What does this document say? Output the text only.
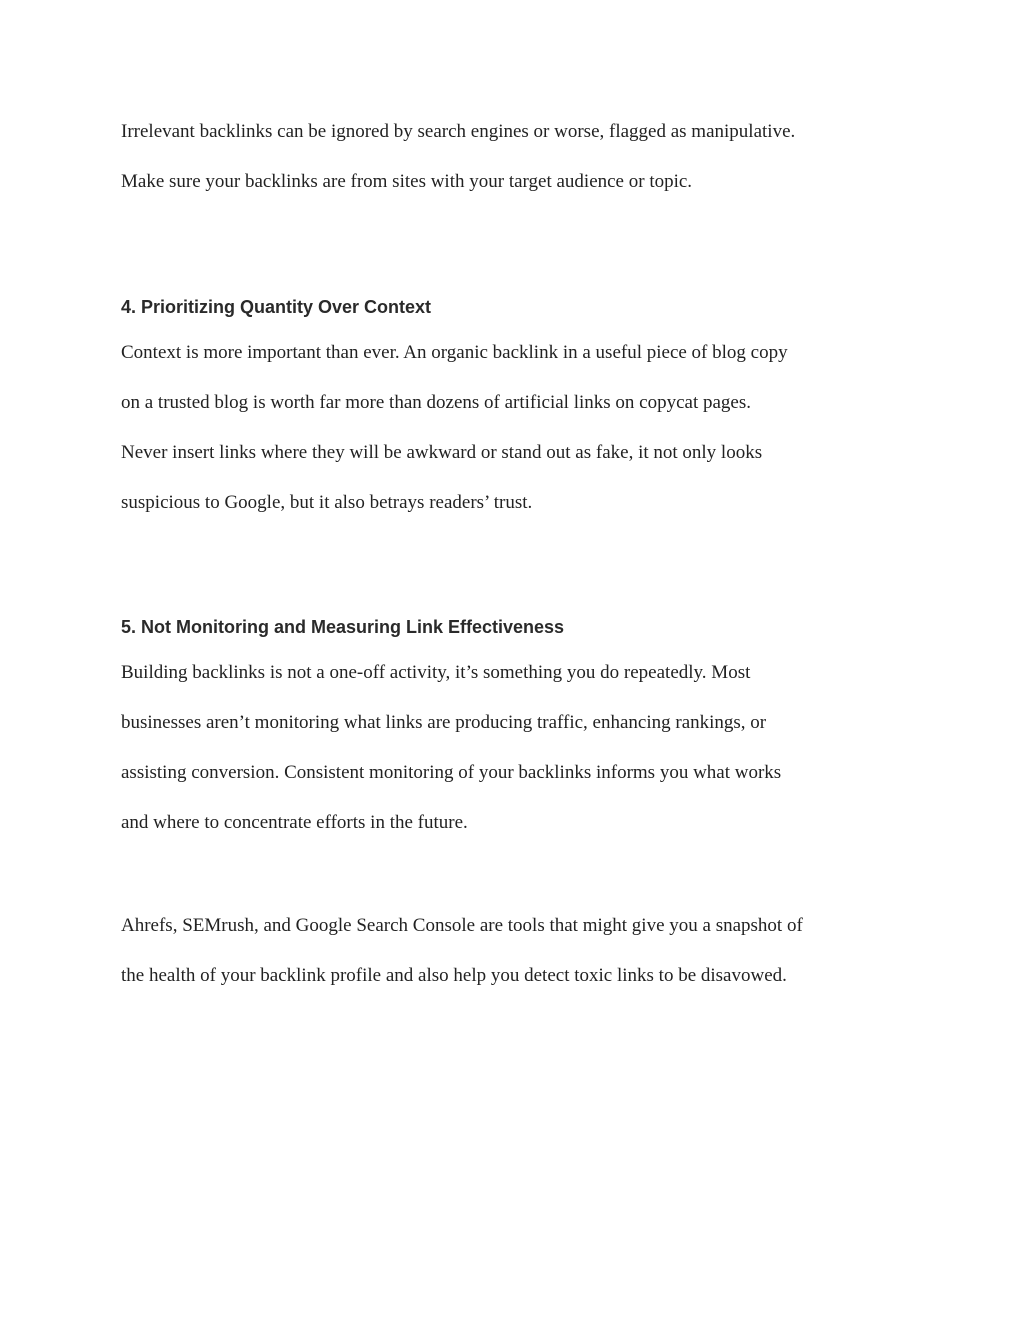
Irrelevant backlinks can be ignored by search engines or worse, flagged as manipulative.
Make sure your backlinks are from sites with your target audience or topic.
4. Prioritizing Quantity Over Context
Context is more important than ever. An organic backlink in a useful piece of blog copy
on a trusted blog is worth far more than dozens of artificial links on copycat pages.
Never insert links where they will be awkward or stand out as fake, it not only looks
suspicious to Google, but it also betrays readers’ trust.
5. Not Monitoring and Measuring Link Effectiveness
Building backlinks is not a one-off activity, it’s something you do repeatedly. Most
businesses aren’t monitoring what links are producing traffic, enhancing rankings, or
assisting conversion. Consistent monitoring of your backlinks informs you what works
and where to concentrate efforts in the future.
Ahrefs, SEMrush, and Google Search Console are tools that might give you a snapshot of
the health of your backlink profile and also help you detect toxic links to be disavowed.
